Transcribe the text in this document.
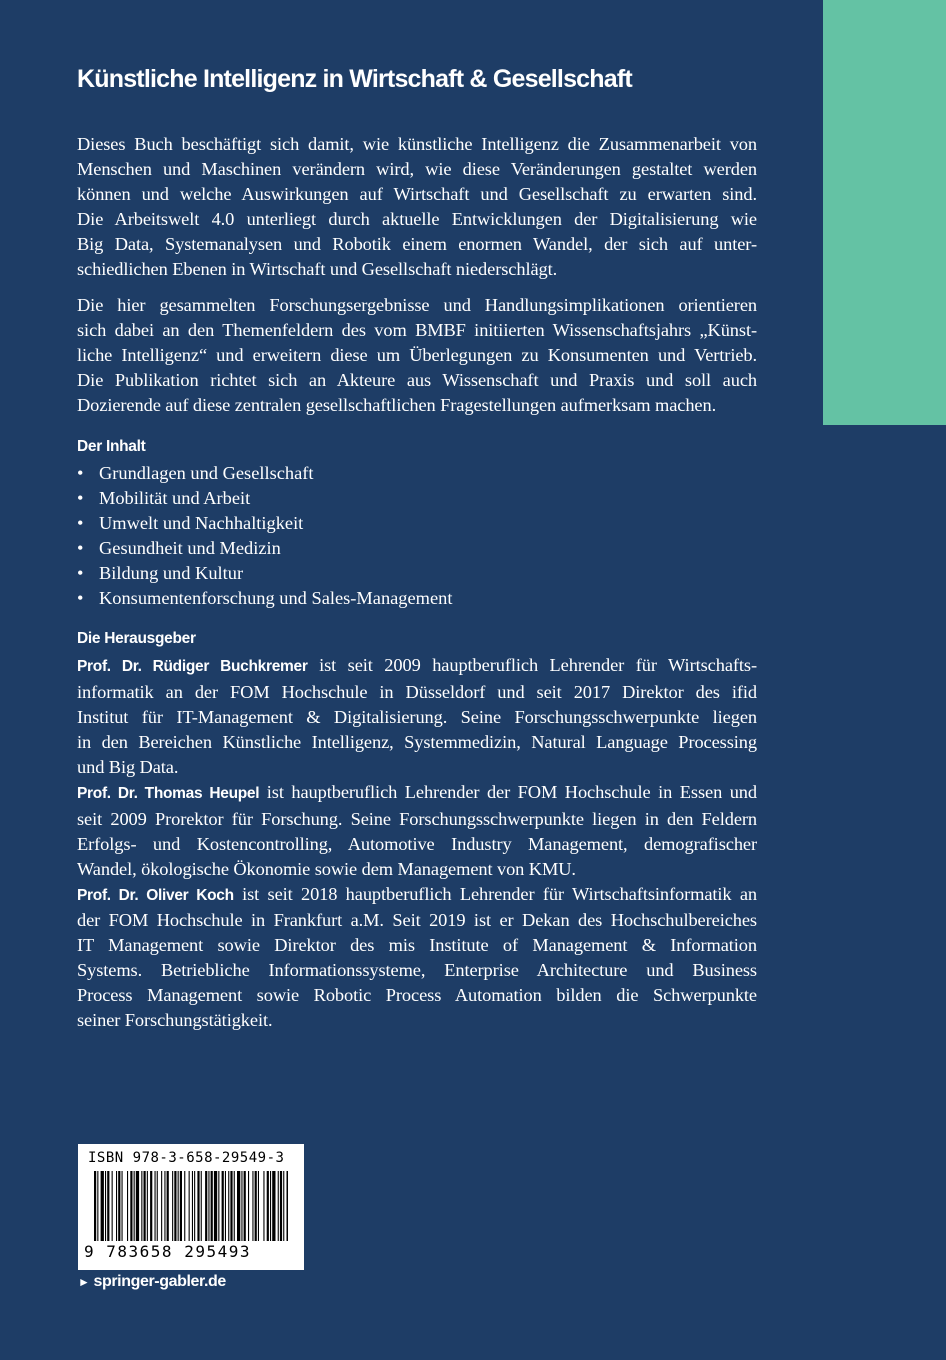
Künstliche Intelligenz in Wirtschaft & Gesellschaft
Dieses Buch beschäftigt sich damit, wie künstliche Intelligenz die Zusammenarbeit von
Menschen und Maschinen verändern wird, wie diese Veränderungen gestaltet werden
können und welche Auswirkungen auf Wirtschaft und Gesellschaft zu erwarten sind.
Die Arbeitswelt 4.0 unterliegt durch aktuelle Entwicklungen der Digitalisierung wie
Big Data, Systemanalysen und Robotik einem enormen Wandel, der sich auf unter-
schiedlichen Ebenen in Wirtschaft und Gesellschaft niederschlägt.
Die hier gesammelten Forschungsergebnisse und Handlungsimplikationen orientieren
sich dabei an den Themenfeldern des vom BMBF initiierten Wissenschaftsjahrs „Künst-
liche Intelligenz“ und erweitern diese um Überlegungen zu Konsumenten und Vertrieb.
Die Publikation richtet sich an Akteure aus Wissenschaft und Praxis und soll auch
Dozierende auf diese zentralen gesellschaftlichen Fragestellungen aufmerksam machen.
Der Inhalt
• Grundlagen und Gesellschaft
• Mobilität und Arbeit
• Umwelt und Nachhaltigkeit
• Gesundheit und Medizin
• Bildung und Kultur
• Konsumentenforschung und Sales-Management
Die Herausgeber
Prof. Dr. Rüdiger Buchkremer ist seit 2009 hauptberuflich Lehrender für Wirtschafts-
informatik an der FOM Hochschule in Düsseldorf und seit 2017 Direktor des ifid
Institut für IT-Management & Digitalisierung. Seine Forschungsschwerpunkte liegen
in den Bereichen Künstliche Intelligenz, Systemmedizin, Natural Language Processing
und Big Data.
Prof. Dr. Thomas Heupel ist hauptberuflich Lehrender der FOM Hochschule in Essen und
seit 2009 Prorektor für Forschung. Seine Forschungsschwerpunkte liegen in den Feldern
Erfolgs- und Kostencontrolling, Automotive Industry Management, demografischer
Wandel, ökologische Ökonomie sowie dem Management von KMU.
Prof. Dr. Oliver Koch ist seit 2018 hauptberuflich Lehrender für Wirtschaftsinformatik an
der FOM Hochschule in Frankfurt a.M. Seit 2019 ist er Dekan des Hochschulbereiches
IT Management sowie Direktor des mis Institute of Management & Information
Systems. Betriebliche Informationssysteme, Enterprise Architecture und Business
Process Management sowie Robotic Process Automation bilden die Schwerpunkte
seiner Forschungstätigkeit.
ISBN 978-3-658-29549-3
9 783658 295493
► springer-gabler.de
